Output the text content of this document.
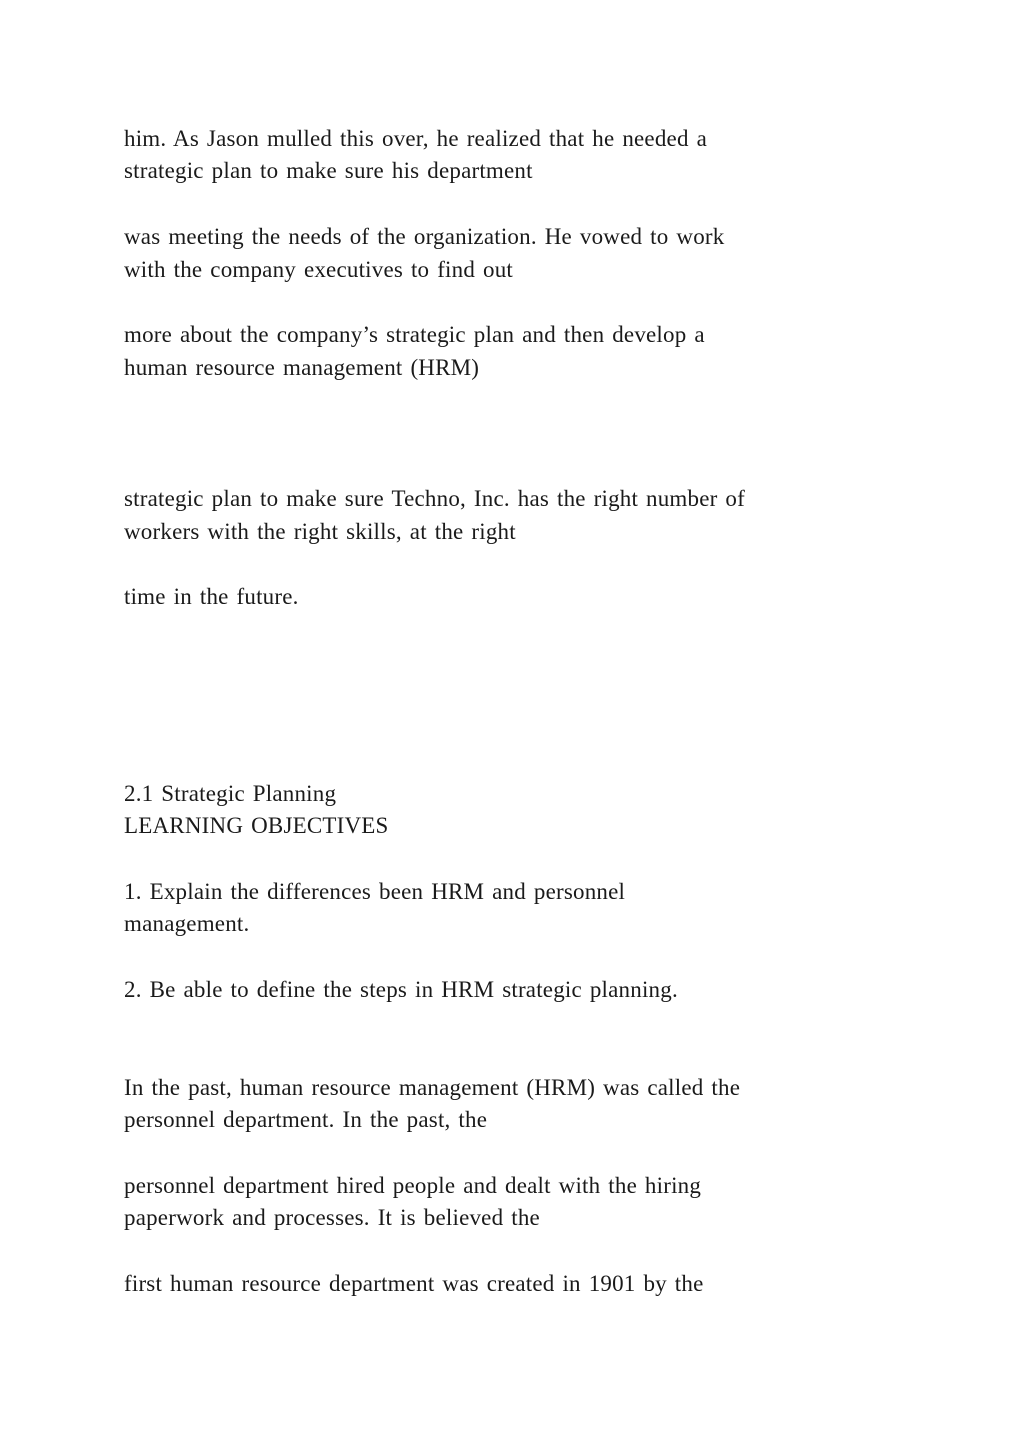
him. As Jason mulled this over, he realized that he needed a

strategic plan to make sure his department

was meeting the needs of the organization. He vowed to work

with the company executives to find out

more about the company’s strategic plan and then develop a

human resource management (HRM)

strategic plan to make sure Techno, Inc. has the right number of

workers with the right skills, at the right

time in the future.

2.1 Strategic Planning

LEARNING OBJECTIVES

1. Explain the differences been HRM and personnel

management.

2. Be able to define the steps in HRM strategic planning.

In the past, human resource management (HRM) was called the

personnel department. In the past, the

personnel department hired people and dealt with the hiring

paperwork and processes. It is believed the

first human resource department was created in 1901 by the
